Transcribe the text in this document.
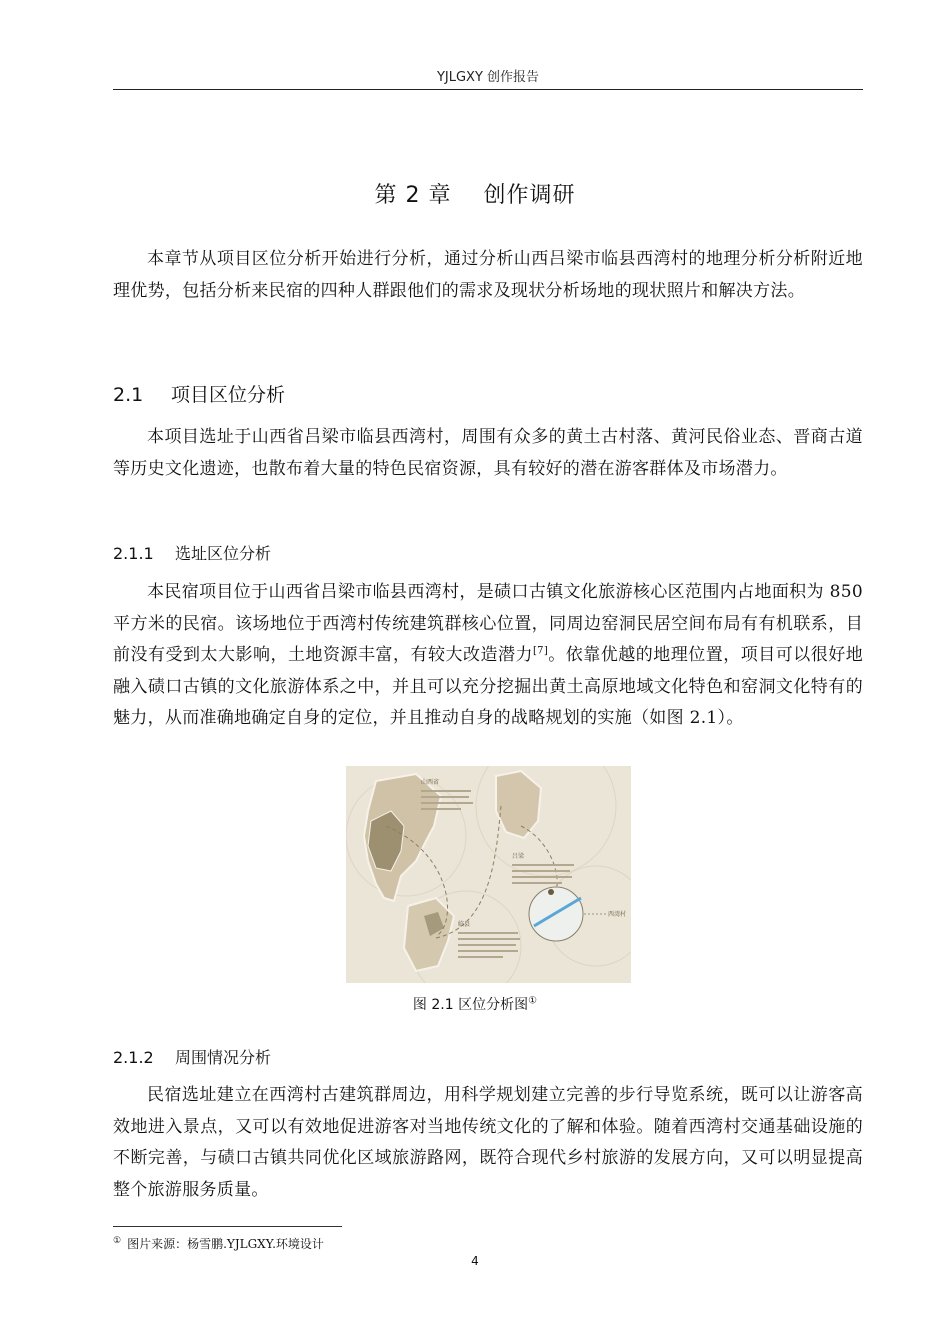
YJLGXY 创作报告
第 2 章    创作调研
本章节从项目区位分析开始进行分析，通过分析山西吕梁市临县西湾村的地理分析分析附近地理优势，包括分析来民宿的四种人群跟他们的需求及现状分析场地的现状照片和解决方法。
2.1 项目区位分析
本项目选址于山西省吕梁市临县西湾村，周围有众多的黄土古村落、黄河民俗业态、晋商古道等历史文化遗迹，也散布着大量的特色民宿资源，具有较好的潜在游客群体及市场潜力。
2.1.1 选址区位分析
本民宿项目位于山西省吕梁市临县西湾村，是碛口古镇文化旅游核心区范围内占地面积为 850 平方米的民宿。该场地位于西湾村传统建筑群核心位置，同周边窑洞民居空间布局有有机联系，目前没有受到太大影响，土地资源丰富，有较大改造潜力[7]。依靠优越的地理位置，项目可以很好地融入碛口古镇的文化旅游体系之中，并且可以充分挖掘出黄土高原地域文化特色和窑洞文化特有的魅力，从而准确地确定自身的定位，并且推动自身的战略规划的实施（如图 2.1）。
山西省
吕梁
临县
西湾村
图 2.1 区位分析图①
2.1.2 周围情况分析
民宿选址建立在西湾村古建筑群周边，用科学规划建立完善的步行导览系统，既可以让游客高效地进入景点，又可以有效地促进游客对当地传统文化的了解和体验。随着西湾村交通基础设施的不断完善，与碛口古镇共同优化区域旅游路网，既符合现代乡村旅游的发展方向，又可以明显提高整个旅游服务质量。
① 图片来源：杨雪鹏.YJLGXY.环境设计
4
